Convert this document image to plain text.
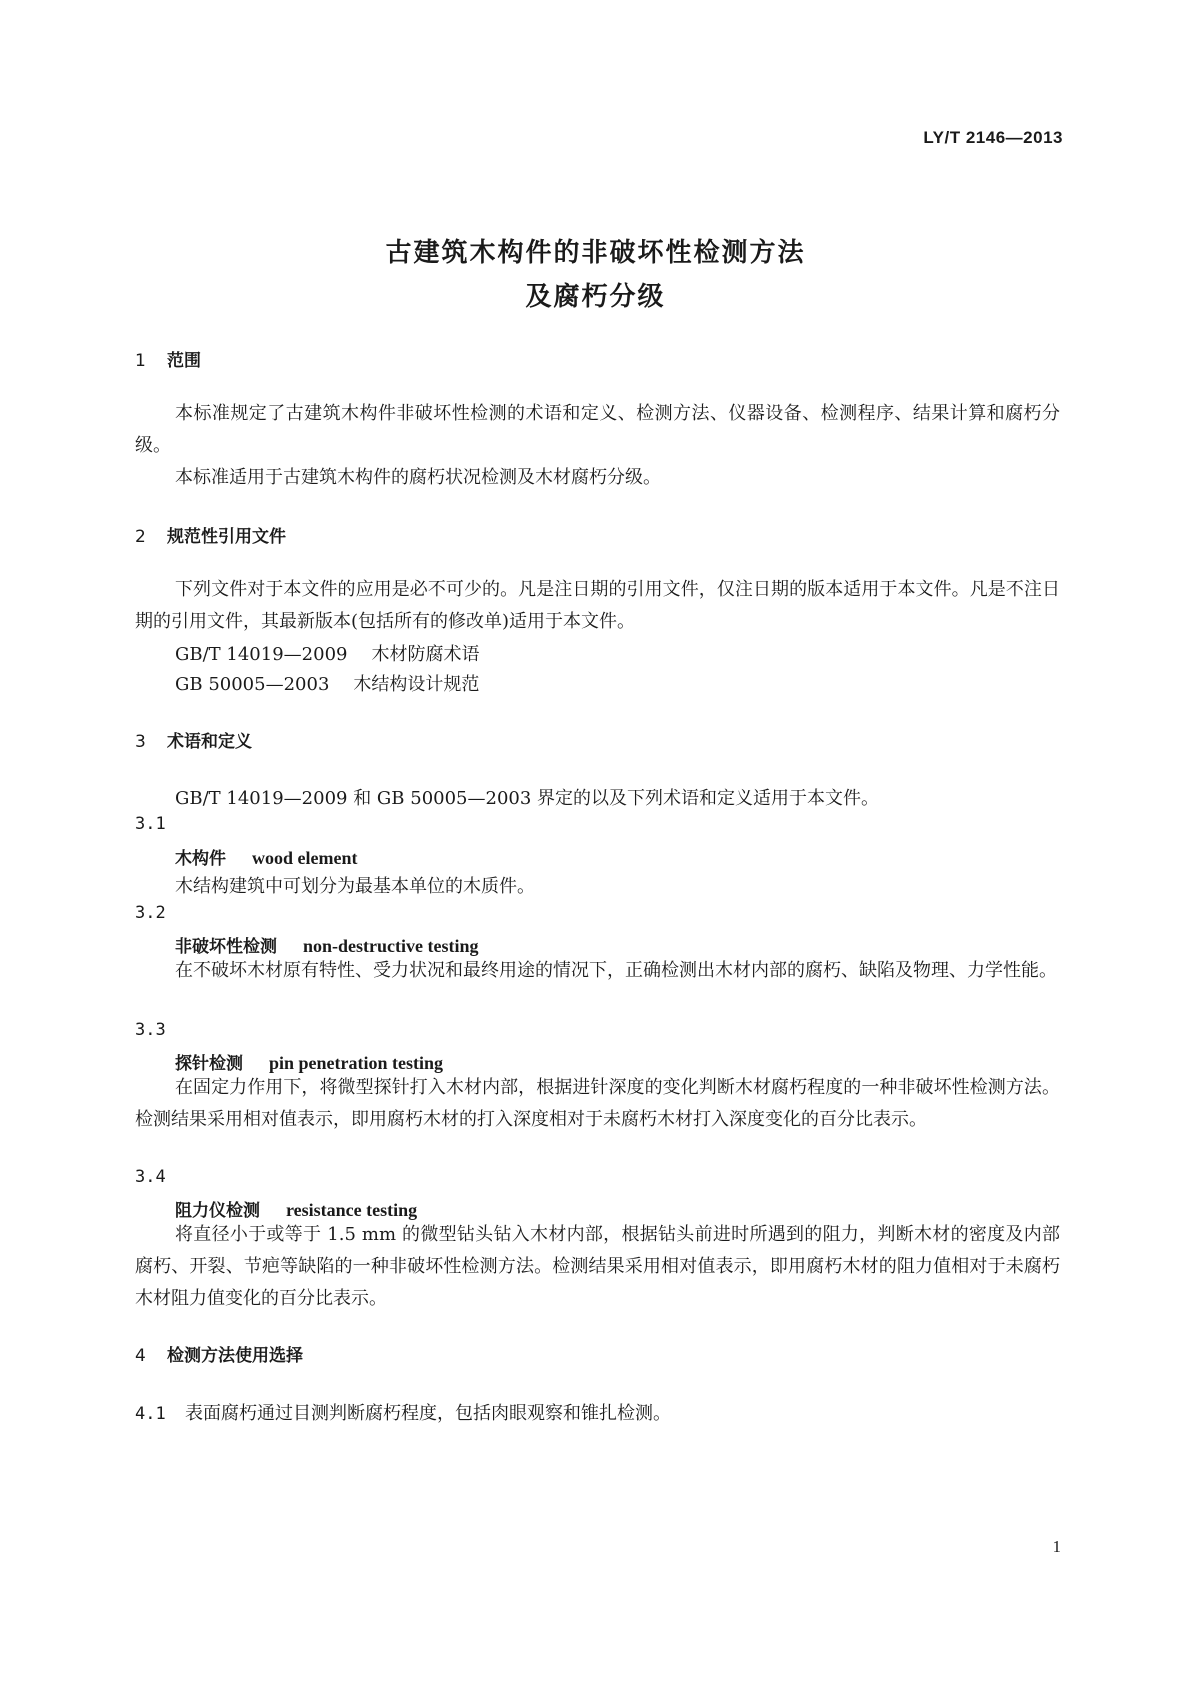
LY/T 2146—2013
古建筑木构件的非破坏性检测方法
及腐朽分级
1 范围
本标准规定了古建筑木构件非破坏性检测的术语和定义、检测方法、仪器设备、检测程序、结果计算和腐朽分级。
本标准适用于古建筑木构件的腐朽状况检测及木材腐朽分级。
2 规范性引用文件
下列文件对于本文件的应用是必不可少的。凡是注日期的引用文件，仅注日期的版本适用于本文件。凡是不注日期的引用文件，其最新版本(包括所有的修改单)适用于本文件。
GB/T 14019—2009 木材防腐术语
GB 50005—2003 木结构设计规范
3 术语和定义
GB/T 14019—2009 和 GB 50005—2003 界定的以及下列术语和定义适用于本文件。
3.1
木构件 wood element
木结构建筑中可划分为最基本单位的木质件。
3.2
非破坏性检测 non-destructive testing
在不破坏木材原有特性、受力状况和最终用途的情况下，正确检测出木材内部的腐朽、缺陷及物理、力学性能。
3.3
探针检测 pin penetration testing
在固定力作用下，将微型探针打入木材内部，根据进针深度的变化判断木材腐朽程度的一种非破坏性检测方法。检测结果采用相对值表示，即用腐朽木材的打入深度相对于未腐朽木材打入深度变化的百分比表示。
3.4
阻力仪检测 resistance testing
将直径小于或等于 1.5 mm 的微型钻头钻入木材内部，根据钻头前进时所遇到的阻力，判断木材的密度及内部腐朽、开裂、节疤等缺陷的一种非破坏性检测方法。检测结果采用相对值表示，即用腐朽木材的阻力值相对于未腐朽木材阻力值变化的百分比表示。
4 检测方法使用选择
4.1 表面腐朽通过目测判断腐朽程度，包括肉眼观察和锥扎检测。
1
